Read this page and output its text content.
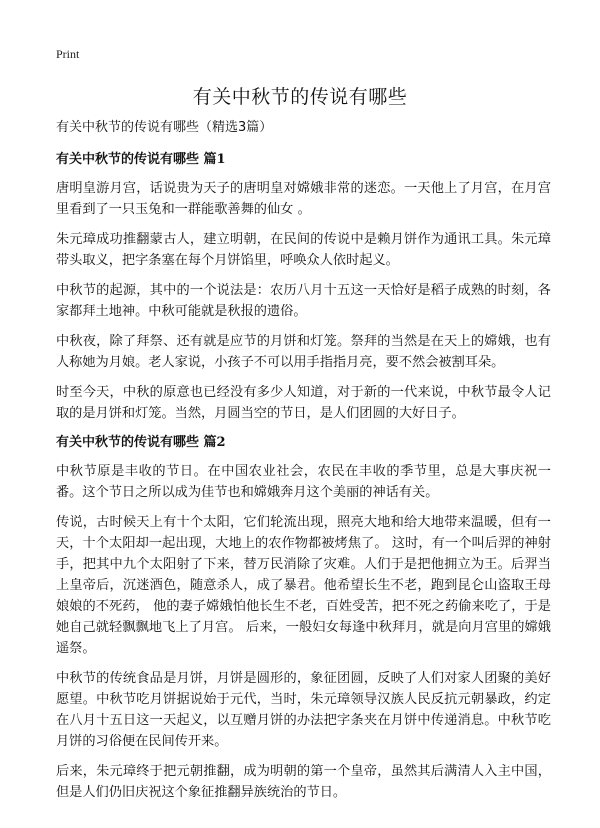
Print
有关中秋节的传说有哪些

有关中秋节的传说有哪些（精选3篇）

有关中秋节的传说有哪些 篇1

唐明皇游月宫，话说贵为天子的唐明皇对嫦娥非常的迷恋。一天他上了月宫，在月宫里看到了一只玉兔和一群能歌善舞的仙女 。

朱元璋成功推翻蒙古人，建立明朝，在民间的传说中是赖月饼作为通讯工具。朱元璋带头取义，把字条塞在每个月饼馅里，呼唤众人依时起义。

中秋节的起源，其中的一个说法是：农历八月十五这一天恰好是稻子成熟的时刻，各家都拜土地神。中秋可能就是秋报的遗俗。

中秋夜，除了拜祭、还有就是应节的月饼和灯笼。祭拜的当然是在天上的嫦娥，也有人称她为月娘。老人家说，小孩子不可以用手指指月亮，要不然会被割耳朵。

时至今天，中秋的原意也已经没有多少人知道，对于新的一代来说，中秋节最令人记取的是月饼和灯笼。当然，月圆当空的节日，是人们团圆的大好日子。

有关中秋节的传说有哪些 篇2

中秋节原是丰收的节日。在中国农业社会，农民在丰收的季节里，总是大事庆祝一番。这个节日之所以成为佳节也和嫦娥奔月这个美丽的神话有关。

传说，古时候天上有十个太阳，它们轮流出现，照亮大地和给大地带来温暖，但有一天，十个太阳却一起出现，大地上的农作物都被烤焦了。 这时，有一个叫后羿的神射手，把其中九个太阳射了下来，替万民消除了灾难。人们于是把他拥立为王。后羿当上皇帝后，沉迷酒色，随意杀人，成了暴君。他希望长生不老，跑到昆仑山盗取王母娘娘的不死药， 他的妻子嫦娥怕他长生不老，百姓受苦，把不死之药偷来吃了，于是她自己就轻飘飘地飞上了月宫。 后来，一般妇女每逢中秋拜月，就是向月宫里的嫦娥遥祭。

中秋节的传统食品是月饼，月饼是圆形的，象征团圆，反映了人们对家人团聚的美好愿望。中秋节吃月饼据说始于元代，当时，朱元璋领导汉族人民反抗元朝暴政，约定在八月十五日这一天起义，以互赠月饼的办法把字条夹在月饼中传递消息。中秋节吃月饼的习俗便在民间传开来。

后来，朱元璋终于把元朝推翻，成为明朝的第一个皇帝，虽然其后满清人入主中国，但是人们仍旧庆祝这个象征推翻异族统治的节日。
